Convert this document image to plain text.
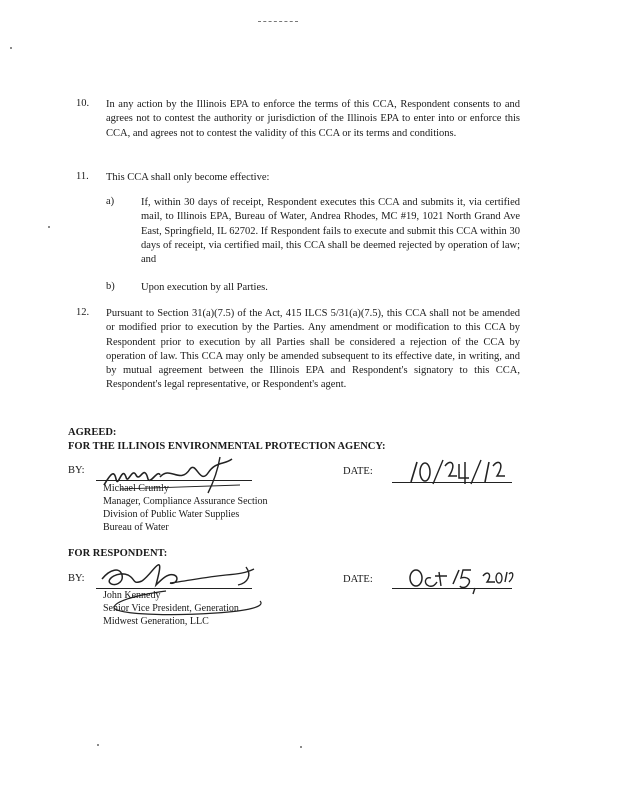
10. In any action by the Illinois EPA to enforce the terms of this CCA, Respondent consents to and agrees not to contest the authority or jurisdiction of the Illinois EPA to enter into or enforce this CCA, and agrees not to contest the validity of this CCA or its terms and conditions.
11. This CCA shall only become effective:
a)	If, within 30 days of receipt, Respondent executes this CCA and submits it, via certified mail, to Illinois EPA, Bureau of Water, Andrea Rhodes, MC #19, 1021 North Grand Ave East, Springfield, IL 62702. If Respondent fails to execute and submit this CCA within 30 days of receipt, via certified mail, this CCA shall be deemed rejected by operation of law; and
b)	Upon execution by all Parties.
12. Pursuant to Section 31(a)(7.5) of the Act, 415 ILCS 5/31(a)(7.5), this CCA shall not be amended or modified prior to execution by the Parties. Any amendment or modification to this CCA by Respondent prior to execution by all Parties shall be considered a rejection of the CCA by operation of law. This CCA may only be amended subsequent to its effective date, in writing, and by mutual agreement between the Illinois EPA and Respondent's signatory to this CCA, Respondent's legal representative, or Respondent's agent.
AGREED:
FOR THE ILLINOIS ENVIRONMENTAL PROTECTION AGENCY:
BY:	DATE:
Michael Crumly
Manager, Compliance Assurance Section
Division of Public Water Supplies
Bureau of Water
FOR RESPONDENT:
BY:	DATE:
John Kennedy
Senior Vice President, Generation
Midwest Generation, LLC
